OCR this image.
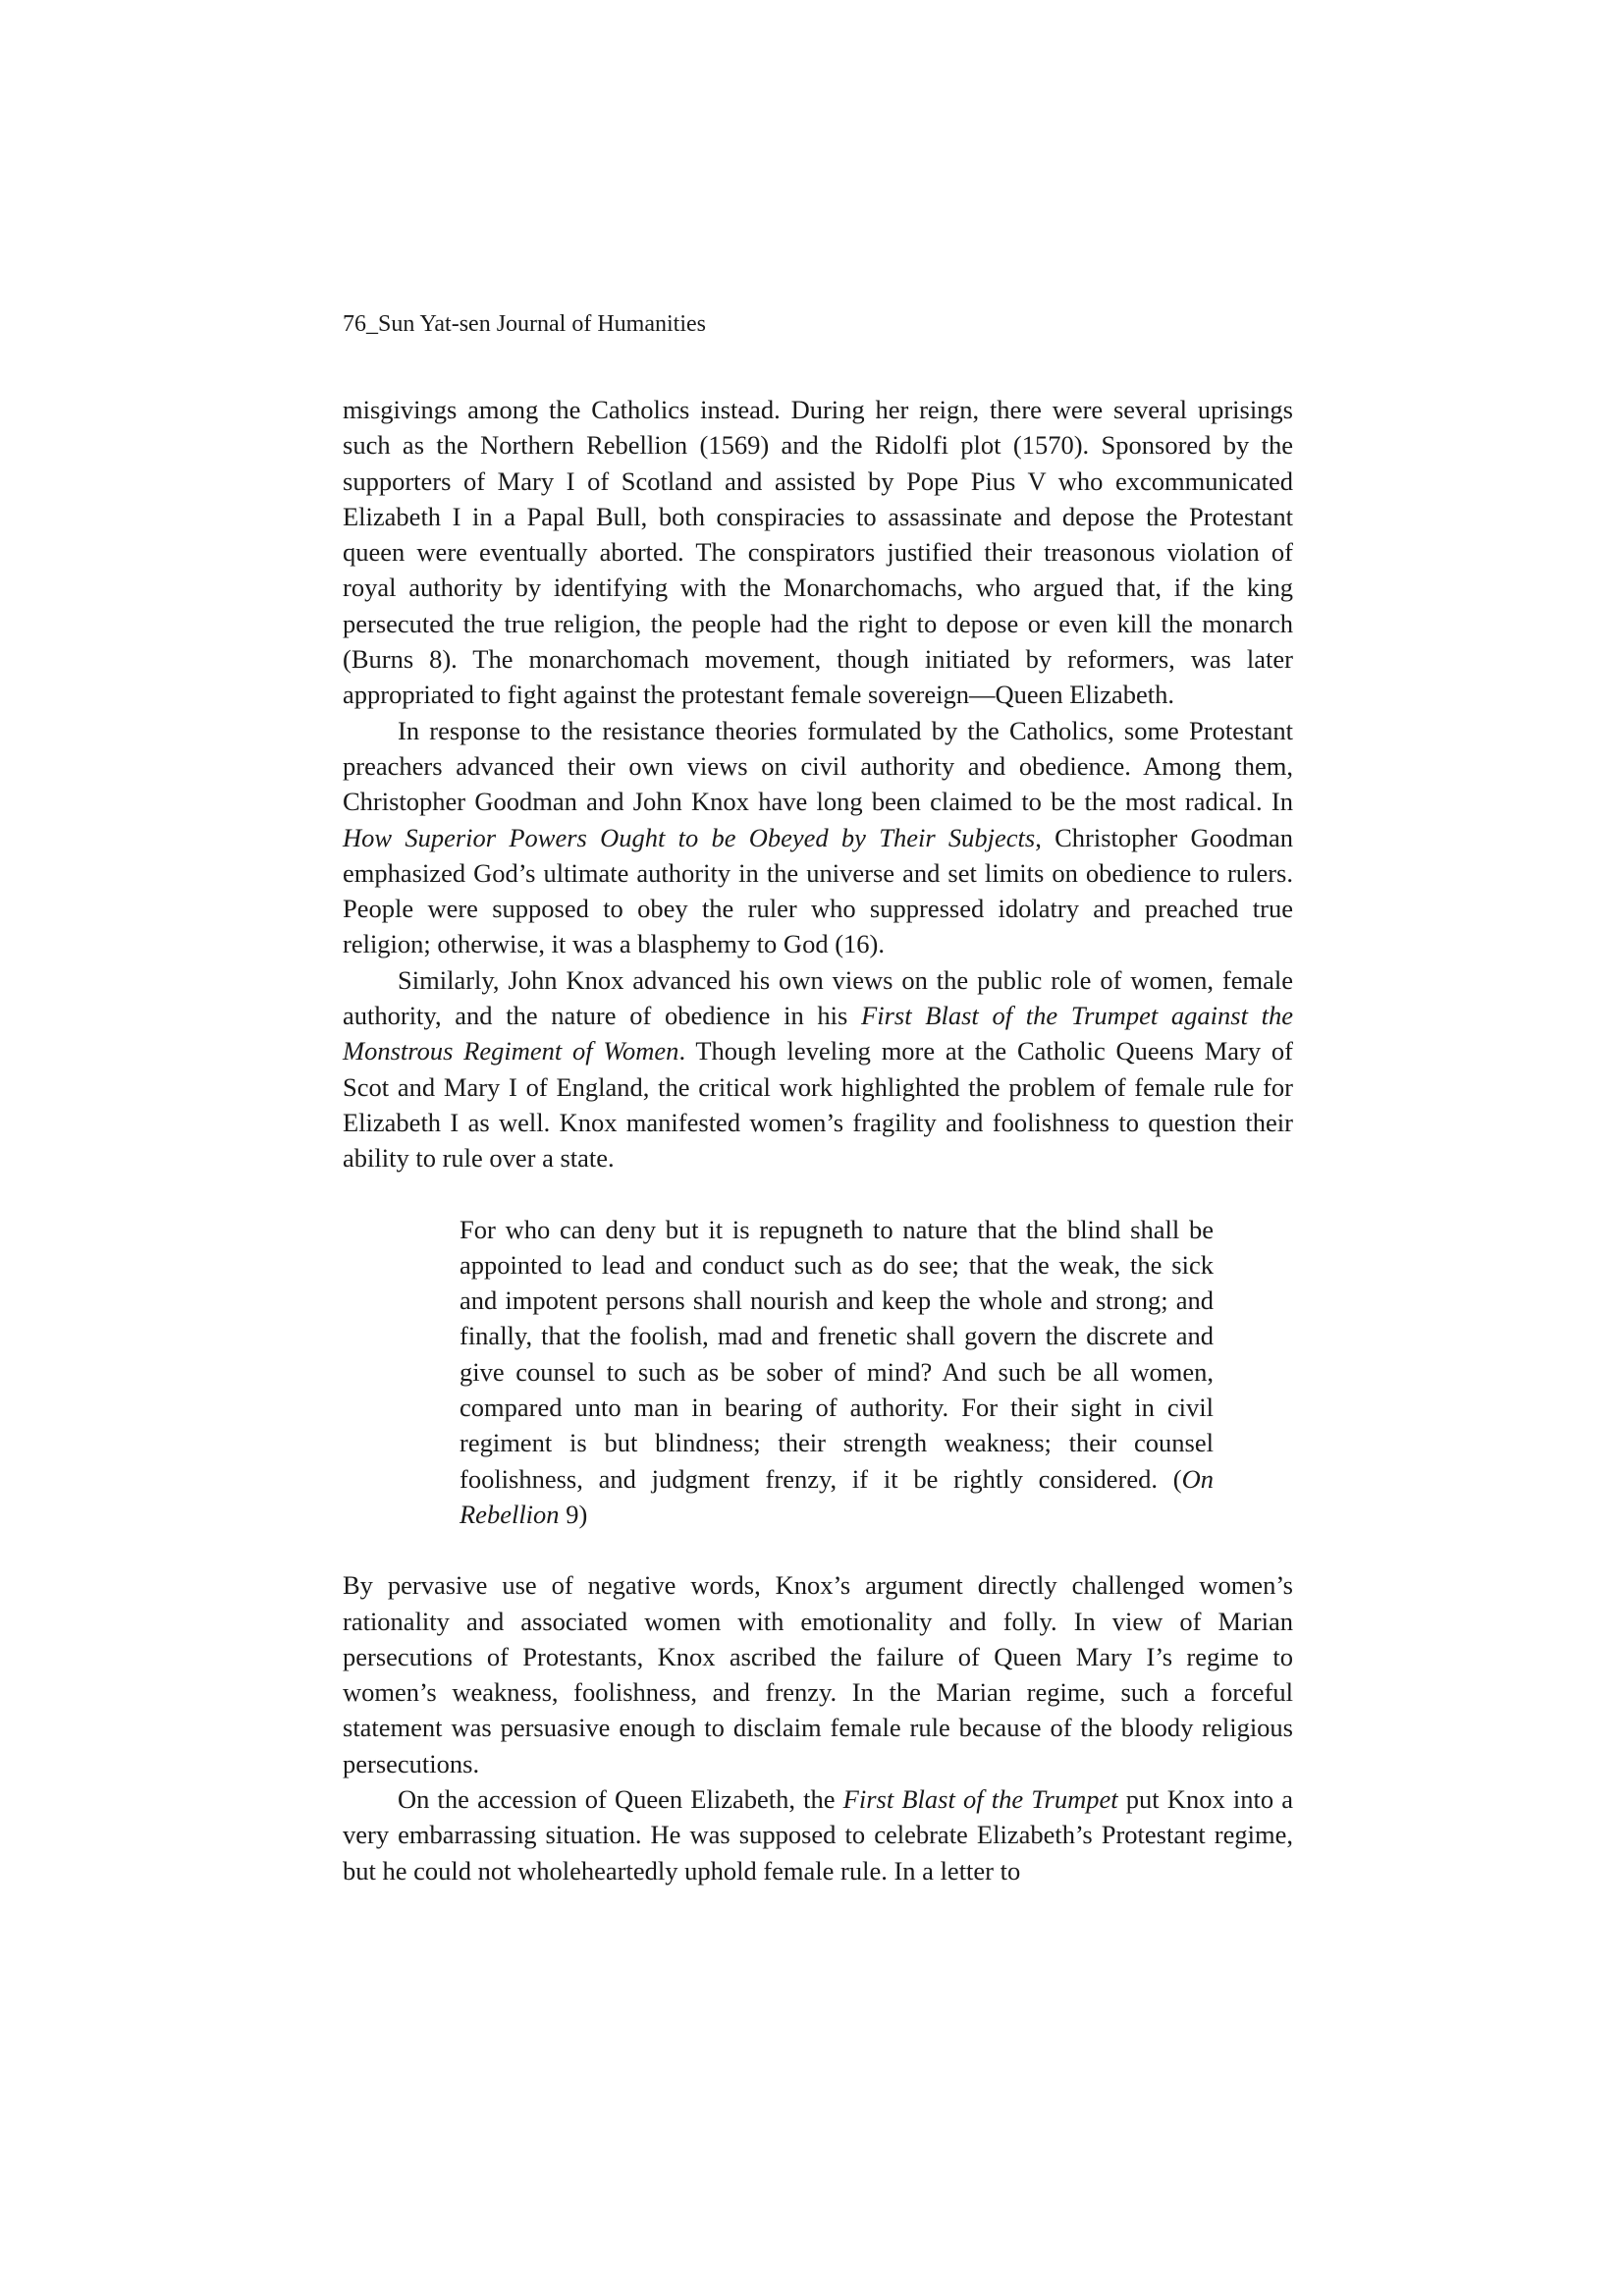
76_Sun Yat-sen Journal of Humanities

misgivings among the Catholics instead. During her reign, there were several uprisings such as the Northern Rebellion (1569) and the Ridolfi plot (1570). Sponsored by the supporters of Mary I of Scotland and assisted by Pope Pius V who excommunicated Elizabeth I in a Papal Bull, both conspiracies to assassinate and depose the Protestant queen were eventually aborted. The conspirators justified their treasonous violation of royal authority by identifying with the Monarchomachs, who argued that, if the king persecuted the true religion, the people had the right to depose or even kill the monarch (Burns 8). The monarchomach movement, though initiated by reformers, was later appropriated to fight against the protestant female sovereign—Queen Elizabeth.

In response to the resistance theories formulated by the Catholics, some Protestant preachers advanced their own views on civil authority and obedience. Among them, Christopher Goodman and John Knox have long been claimed to be the most radical. In How Superior Powers Ought to be Obeyed by Their Subjects, Christopher Goodman emphasized God’s ultimate authority in the universe and set limits on obedience to rulers. People were supposed to obey the ruler who suppressed idolatry and preached true religion; otherwise, it was a blasphemy to God (16).

Similarly, John Knox advanced his own views on the public role of women, female authority, and the nature of obedience in his First Blast of the Trumpet against the Monstrous Regiment of Women. Though leveling more at the Catholic Queens Mary of Scot and Mary I of England, the critical work highlighted the problem of female rule for Elizabeth I as well. Knox manifested women’s fragility and foolishness to question their ability to rule over a state.

For who can deny but it is repugneth to nature that the blind shall be appointed to lead and conduct such as do see; that the weak, the sick and impotent persons shall nourish and keep the whole and strong; and finally, that the foolish, mad and frenetic shall govern the discrete and give counsel to such as be sober of mind? And such be all women, compared unto man in bearing of authority. For their sight in civil regiment is but blindness; their strength weakness; their counsel foolishness, and judgment frenzy, if it be rightly considered. (On Rebellion 9)

By pervasive use of negative words, Knox’s argument directly challenged women’s rationality and associated women with emotionality and folly. In view of Marian persecutions of Protestants, Knox ascribed the failure of Queen Mary I’s regime to women’s weakness, foolishness, and frenzy. In the Marian regime, such a forceful statement was persuasive enough to disclaim female rule because of the bloody religious persecutions.

On the accession of Queen Elizabeth, the First Blast of the Trumpet put Knox into a very embarrassing situation. He was supposed to celebrate Elizabeth’s Protestant regime, but he could not wholeheartedly uphold female rule. In a letter to
